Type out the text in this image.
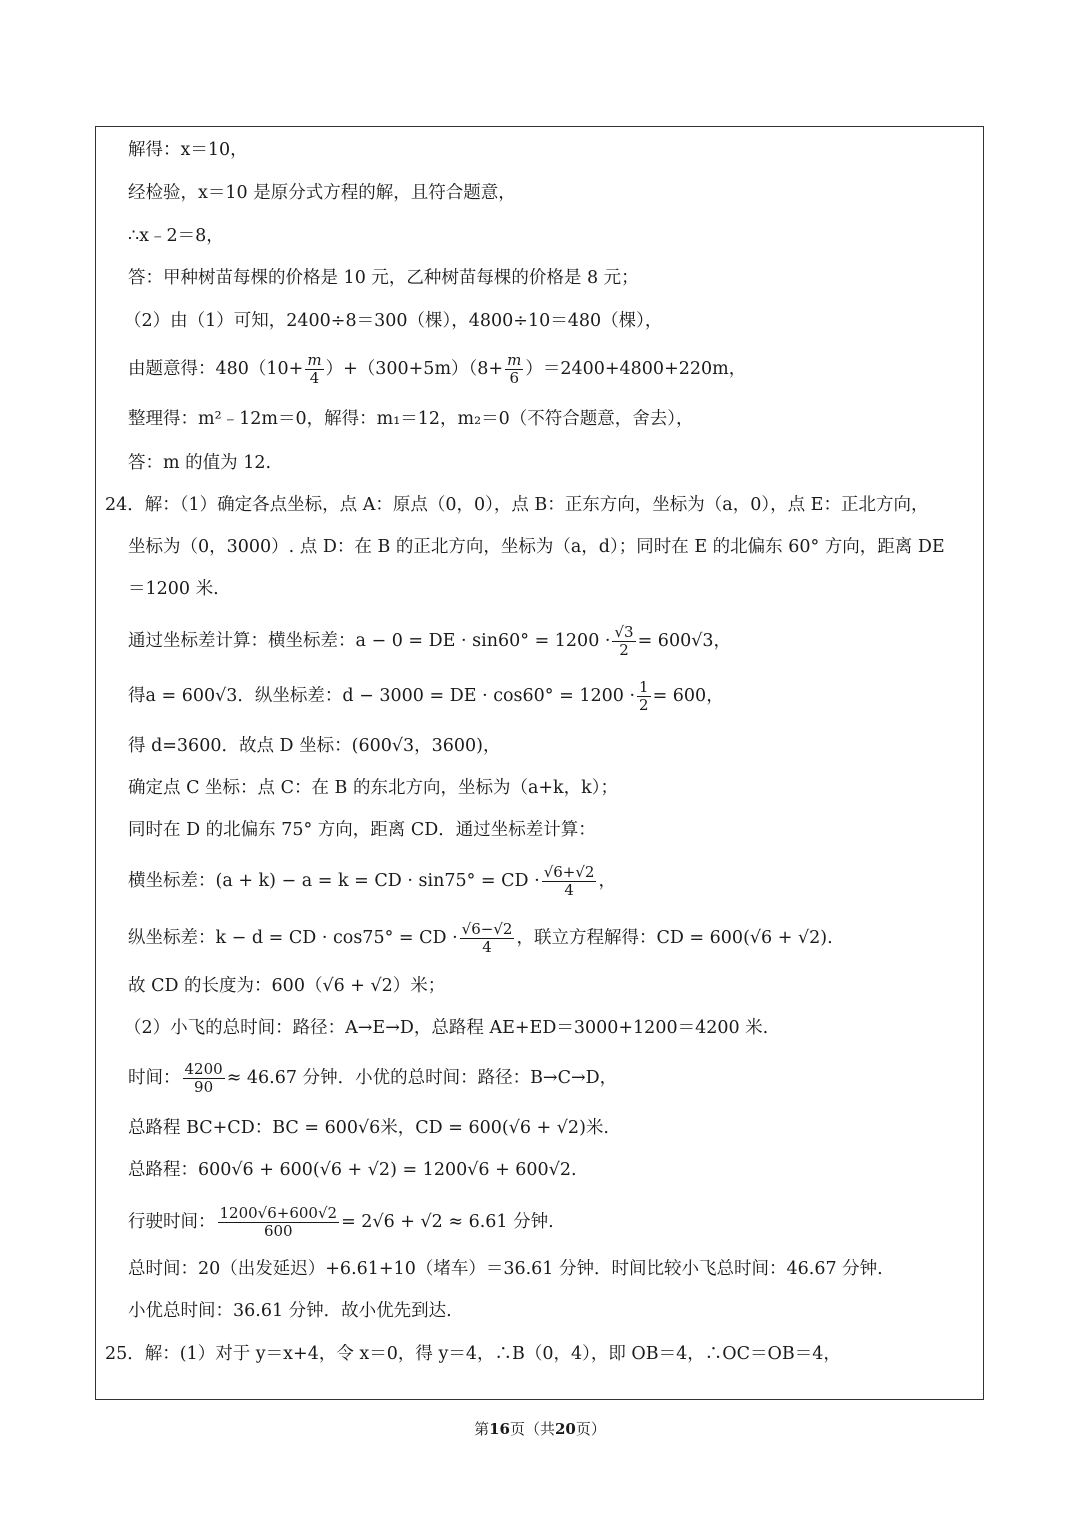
解得：x＝10，
经检验，x＝10 是原分式方程的解，且符合题意，
∴x﹣2＝8，
答：甲种树苗每棵的价格是 10 元，乙种树苗每棵的价格是 8 元；
（2）由（1）可知，2400÷8＝300（棵），4800÷10＝480（棵），
由题意得：$480(10+ \frac{m}{4} )+(300+5m)(8+ \frac{m}{6} )=2400+4800+220m$，
整理得：m²﹣12m＝0，解得：m₁＝12，m₂＝0（不符合题意，舍去），
答：m 的值为 12.
24．解：（1）确定各点坐标，点 A：原点（0，0），点 B：正东方向，坐标为（a，0），点 E：正北方向，
坐标为（0，3000）. 点 D：在 B 的正北方向，坐标为（a，d）；同时在 E 的北偏东 60° 方向，距离 DE
＝1200 米.
通过坐标差计算：横坐标差：a − 0 = DE · $\sin 60^\circ = 1200 \cdot \frac{√3}{2} = 600√3$，
得a = 600√3．纵坐标差：d − 3000 = DE · $\cos 60^\circ = 1200 \cdot \frac{1}{2} = 600$，
得 d=3600．故点 D 坐标：(600√3，3600)，
确定点 C 坐标：点 C：在 B 的东北方向，坐标为（a+k，k）；
同时在 D 的北偏东 75° 方向，距离 CD．通过坐标差计算：
横坐标差：(a + k) − a = k = CD · sin75° = CD · $\frac{√6+√2}{4}$ ，
纵坐标差：k − d = CD · cos75° = CD · $\frac{√6-√2}{4}$ ，联立方程解得：CD = 600(√6 + √2).
故 CD 的长度为：600（√6 + √2）米；
（2）小飞的总时间：路径：A→E→D，总路程 AE+ED＝3000+1200＝4200 米.
时间： $\frac{4200}{90} \approx 46.67$ 分钟．小优的总时间：路径：B→C→D，
总路程 BC+CD：BC = 600√6米，CD = 600(√6 + √2)米.
总路程：600√6 + 600(√6 + √2) = 1200√6 + 600√2.
行驶时间： $\frac{1200√6+600√2}{600} = 2√6 + √2 \approx 6.61$ 分钟.
总时间：20（出发延迟）+6.61+10（堵车）＝36.61 分钟．时间比较小飞总时间：46.67 分钟.
小优总时间：36.61 分钟．故小优先到达.
25．解：(1）对于 y＝x+4，令 x＝0，得 y＝4，∴B（0，4），即 OB＝4，∴OC＝OB＝4，
第16页（共20页）
